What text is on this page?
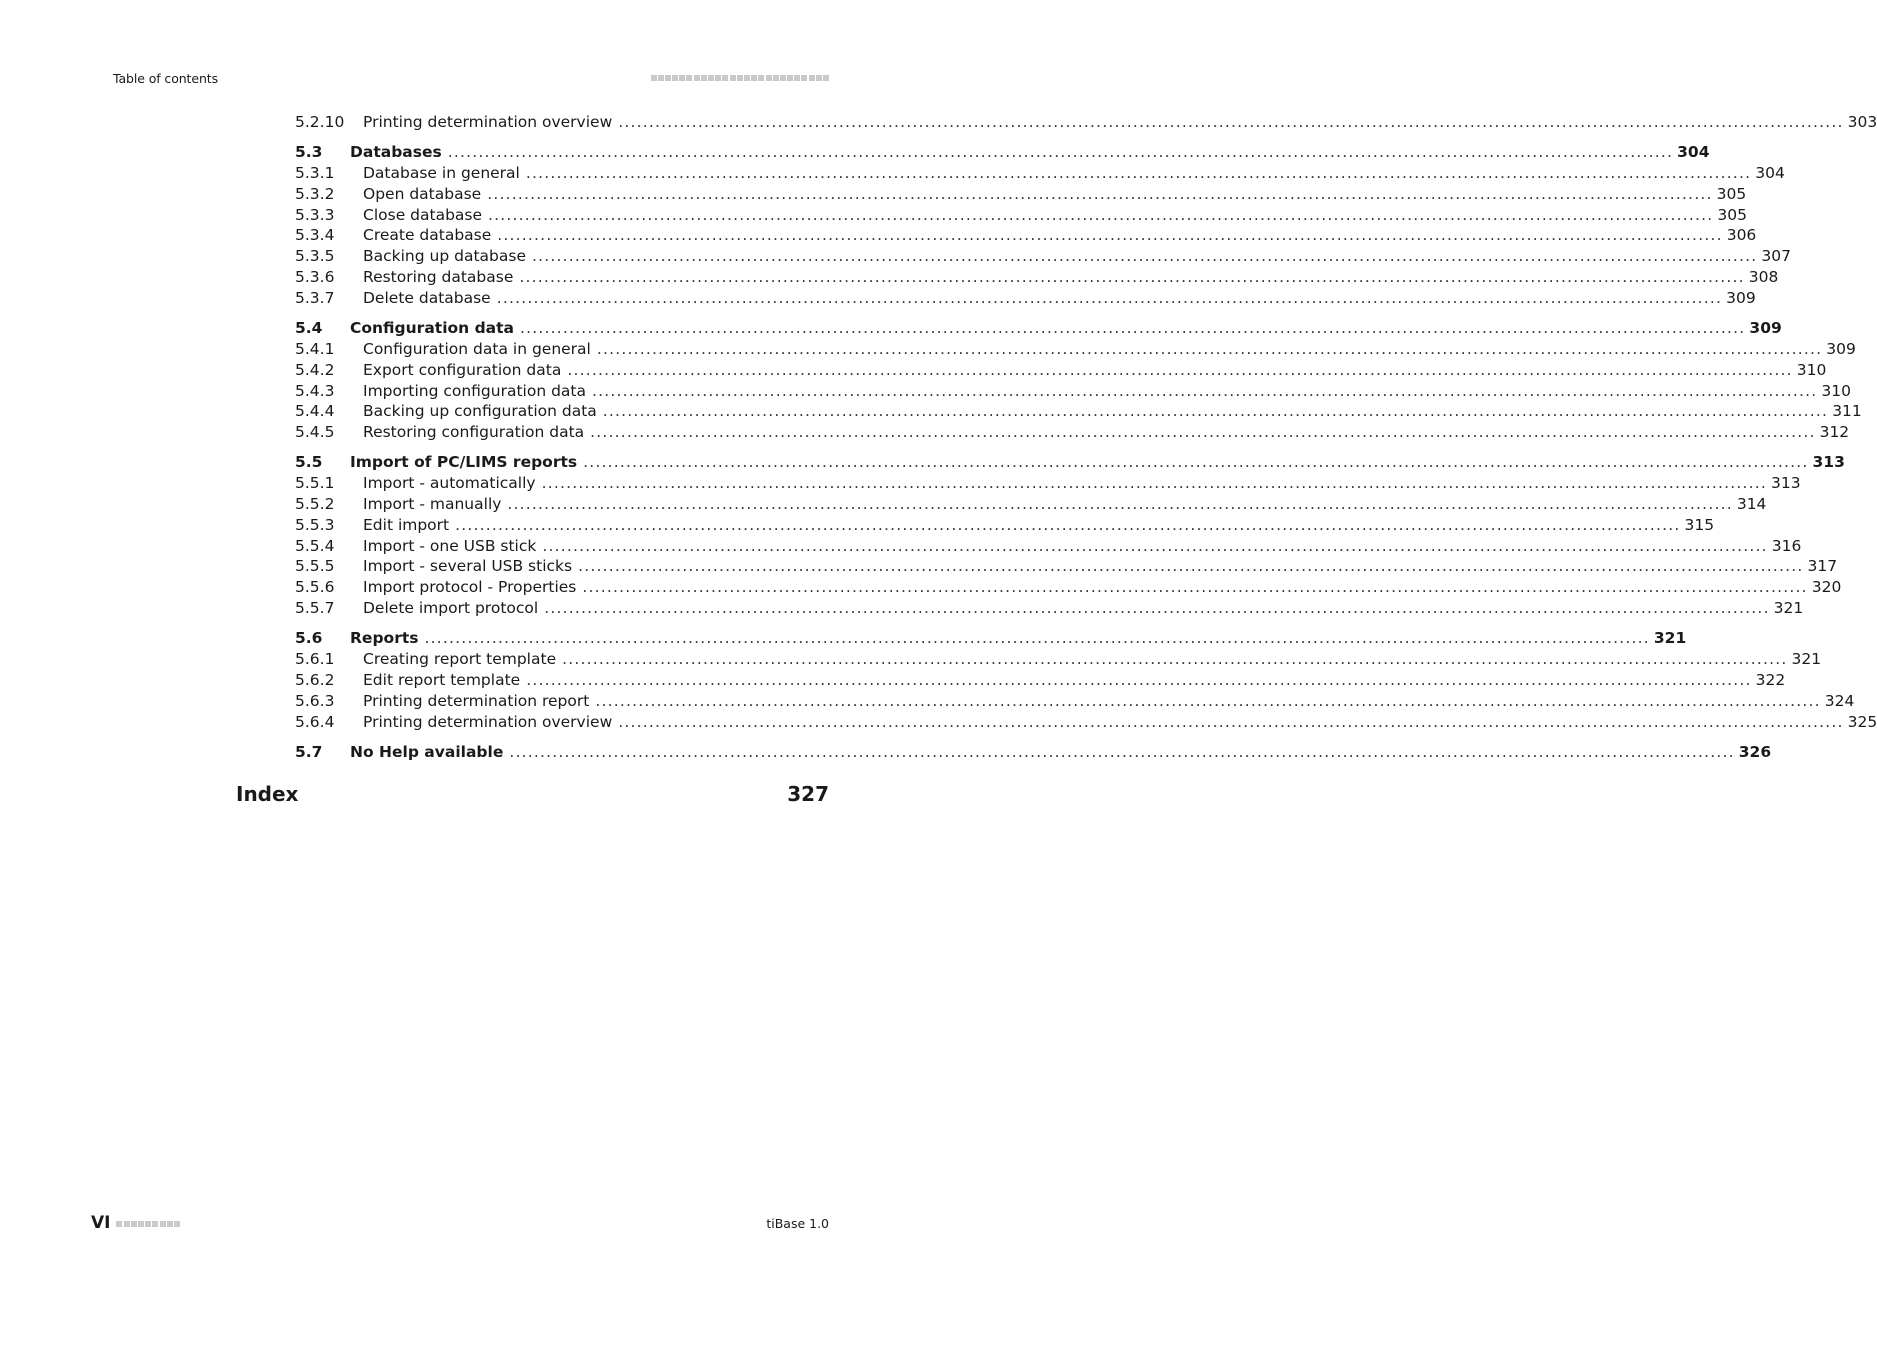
Table of contents
5.2.10 Printing determination overview ........................................................................................................................................................................................................ 303
5.3 Databases ........................................................................................................................................................................................................ 304
5.3.1 Database in general ........................................................................................................................................................................................................ 304
5.3.2 Open database ........................................................................................................................................................................................................ 305
5.3.3 Close database ........................................................................................................................................................................................................ 305
5.3.4 Create database ........................................................................................................................................................................................................ 306
5.3.5 Backing up database ........................................................................................................................................................................................................ 307
5.3.6 Restoring database ........................................................................................................................................................................................................ 308
5.3.7 Delete database ........................................................................................................................................................................................................ 309
5.4 Configuration data ........................................................................................................................................................................................................ 309
5.4.1 Configuration data in general ........................................................................................................................................................................................................ 309
5.4.2 Export configuration data ........................................................................................................................................................................................................ 310
5.4.3 Importing configuration data ........................................................................................................................................................................................................ 310
5.4.4 Backing up configuration data ........................................................................................................................................................................................................ 311
5.4.5 Restoring configuration data ........................................................................................................................................................................................................ 312
5.5 Import of PC/LIMS reports ........................................................................................................................................................................................................ 313
5.5.1 Import - automatically ........................................................................................................................................................................................................ 313
5.5.2 Import - manually ........................................................................................................................................................................................................ 314
5.5.3 Edit import ........................................................................................................................................................................................................ 315
5.5.4 Import - one USB stick ........................................................................................................................................................................................................ 316
5.5.5 Import - several USB sticks ........................................................................................................................................................................................................ 317
5.5.6 Import protocol - Properties ........................................................................................................................................................................................................ 320
5.5.7 Delete import protocol ........................................................................................................................................................................................................ 321
5.6 Reports ........................................................................................................................................................................................................ 321
5.6.1 Creating report template ........................................................................................................................................................................................................ 321
5.6.2 Edit report template ........................................................................................................................................................................................................ 322
5.6.3 Printing determination report ........................................................................................................................................................................................................ 324
5.6.4 Printing determination overview ........................................................................................................................................................................................................ 325
5.7 No Help available ........................................................................................................................................................................................................ 326
Index	327
VI	tiBase 1.0
